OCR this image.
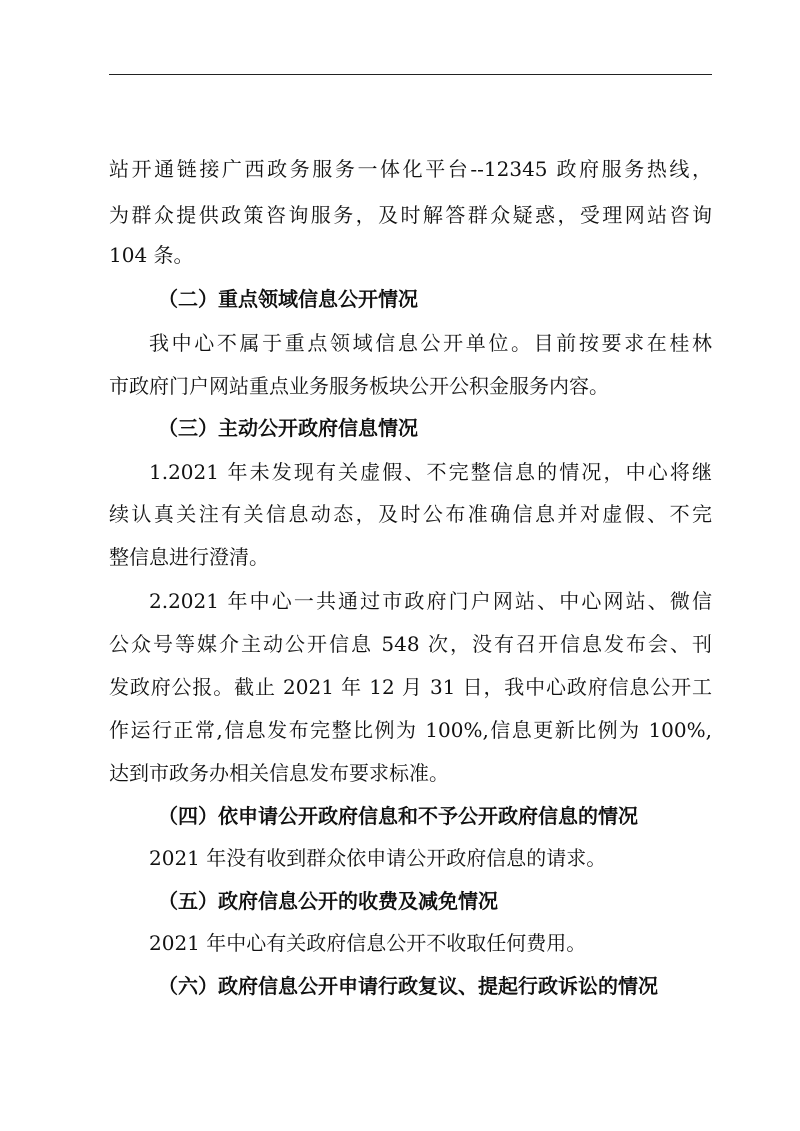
站开通链接广西政务服务一体化平台--12345 政府服务热线，
为群众提供政策咨询服务，及时解答群众疑惑，受理网站咨询
104 条。
（二）重点领域信息公开情况
我中心不属于重点领域信息公开单位。目前按要求在桂林
市政府门户网站重点业务服务板块公开公积金服务内容。
（三）主动公开政府信息情况
1.2021 年未发现有关虚假、不完整信息的情况，中心将继
续认真关注有关信息动态，及时公布准确信息并对虚假、不完
整信息进行澄清。
2.2021 年中心一共通过市政府门户网站、中心网站、微信
公众号等媒介主动公开信息 548 次，没有召开信息发布会、刊
发政府公报。截止 2021 年 12 月 31 日，我中心政府信息公开工
作运行正常,信息发布完整比例为 100%,信息更新比例为 100%,
达到市政务办相关信息发布要求标准。
（四）依申请公开政府信息和不予公开政府信息的情况
2021 年没有收到群众依申请公开政府信息的请求。
（五）政府信息公开的收费及减免情况
2021 年中心有关政府信息公开不收取任何费用。
（六）政府信息公开申请行政复议、提起行政诉讼的情况
